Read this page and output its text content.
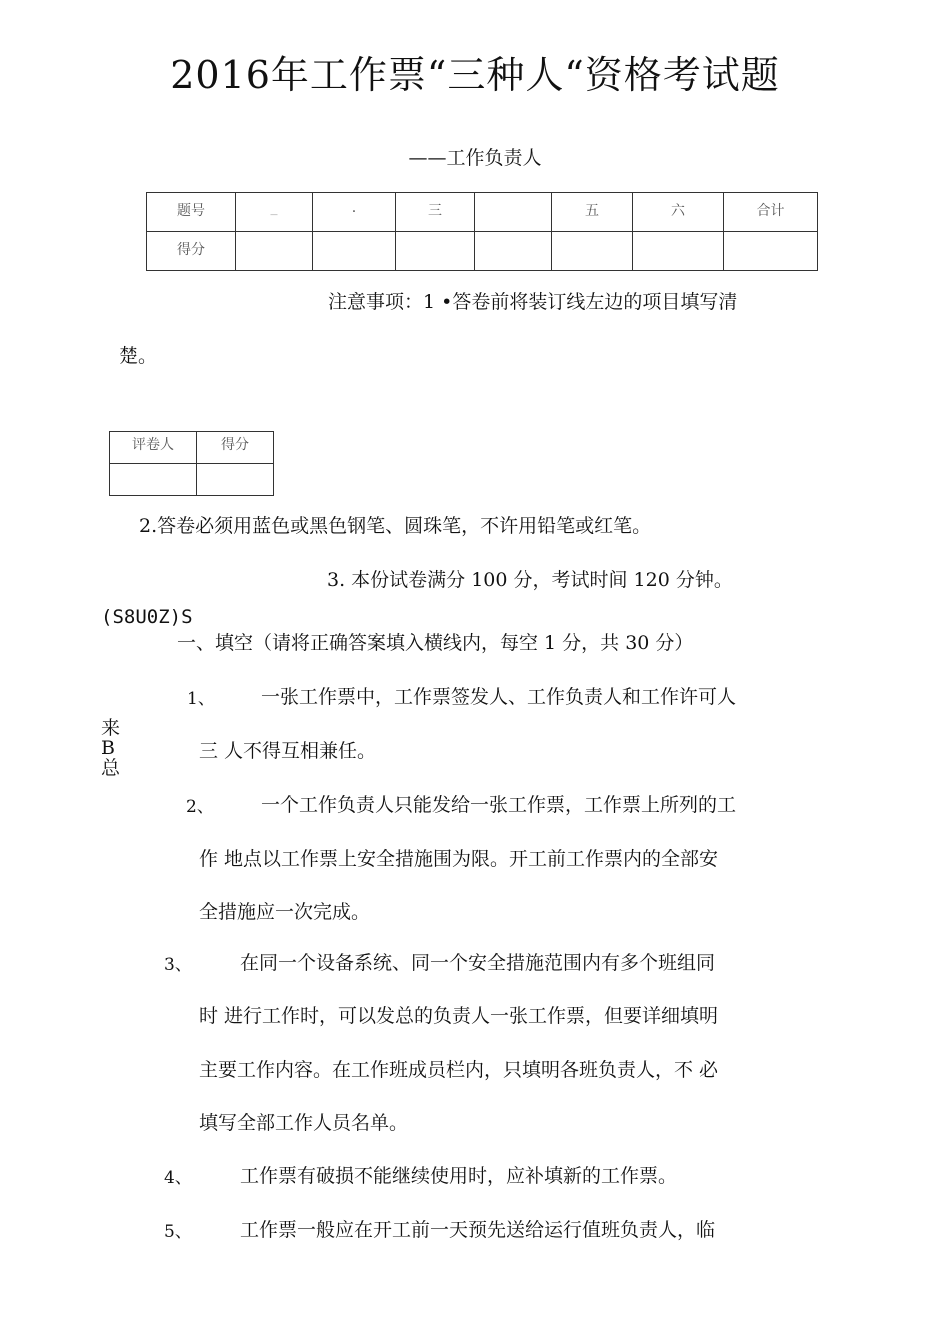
2016年工作票“三种人“资格考试题
——工作负责人
题号	_	.	三		五	六	合计
得分							
注意事项：1 •答卷前将装订线左边的项目填写清
楚。
评卷人	得分

2.答卷必须用蓝色或黑色钢笔、圆珠笔，不许用铅笔或红笔。
3. 本份试卷满分 100 分，考试时间 120 分钟。
(S8U0Z)S
来B总
一、填空（请将正确答案填入横线内，每空 1 分，共 30 分）
1、 一张工作票中，工作票签发人、工作负责人和工作许可人
三 人不得互相兼任。
2、 一个工作负责人只能发给一张工作票，工作票上所列的工
作 地点以工作票上安全措施围为限。开工前工作票内的全部安
全措施应一次完成。
3、	在同一个设备系统、同一个安全措施范围内有多个班组同
时 进行工作时，可以发总的负责人一张工作票，但要详细填明
主要工作内容。在工作班成员栏内，只填明各班负责人，不 必
填写全部工作人员名单。
4、	工作票有破损不能继续使用时，应补填新的工作票。
5、	工作票一般应在开工前一天预先送给运行值班负责人，临
